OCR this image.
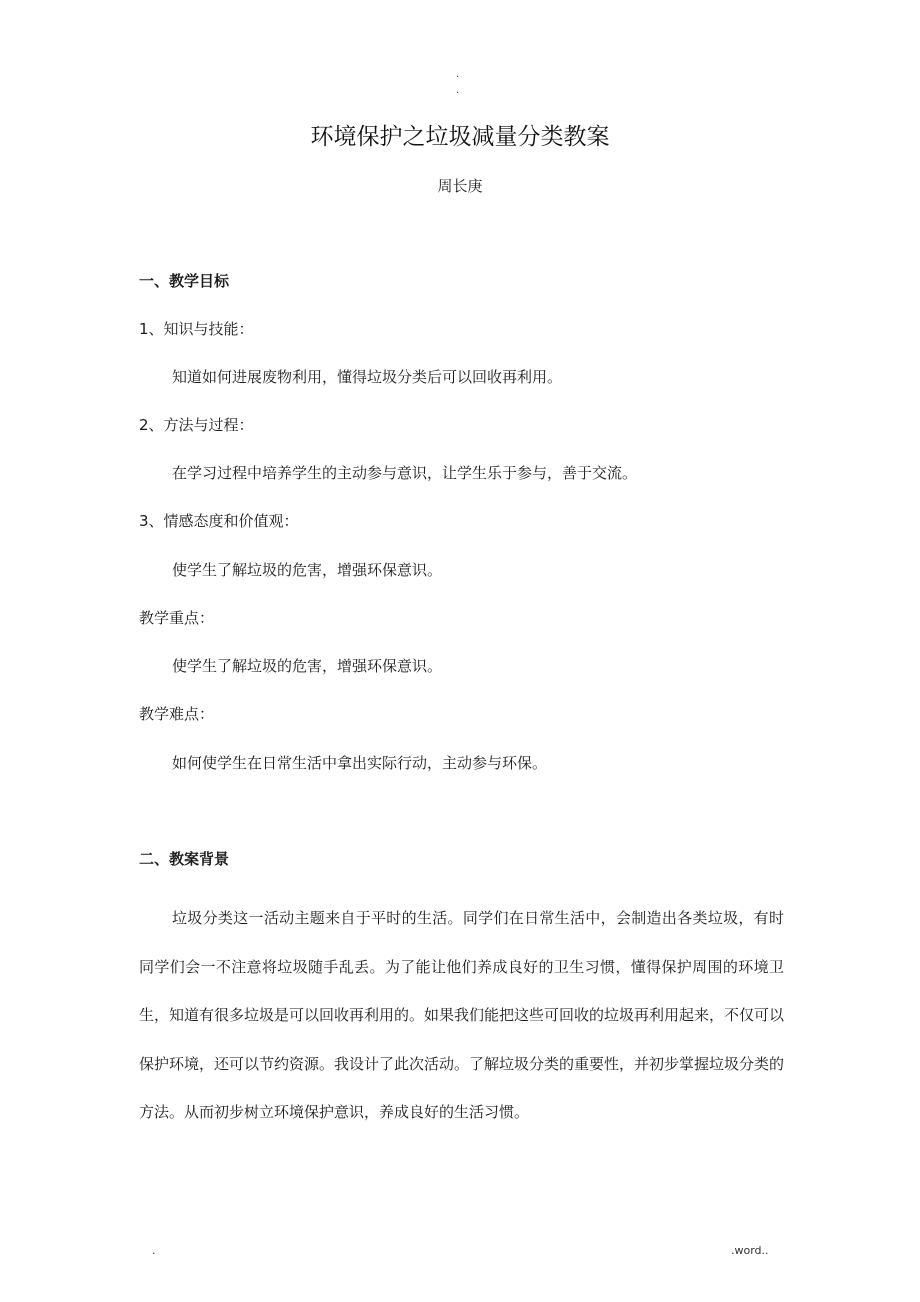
.
.
环境保护之垃圾减量分类教案
周长庚
一、教学目标
1、知识与技能：
知道如何进展废物利用，懂得垃圾分类后可以回收再利用。
2、方法与过程：
在学习过程中培养学生的主动参与意识，让学生乐于参与，善于交流。
3、情感态度和价值观：
使学生了解垃圾的危害，增强环保意识。
教学重点：
使学生了解垃圾的危害，增强环保意识。
教学难点：
如何使学生在日常生活中拿出实际行动，主动参与环保。
二、教案背景
垃圾分类这一活动主题来自于平时的生活。同学们在日常生活中，会制造出各类垃圾，有时同学们会一不注意将垃圾随手乱丢。为了能让他们养成良好的卫生习惯，懂得保护周围的环境卫生，知道有很多垃圾是可以回收再利用的。如果我们能把这些可回收的垃圾再利用起来，不仅可以保护环境，还可以节约资源。我设计了此次活动。了解垃圾分类的重要性，并初步掌握垃圾分类的方法。从而初步树立环境保护意识，养成良好的生活习惯。
.	.word..
